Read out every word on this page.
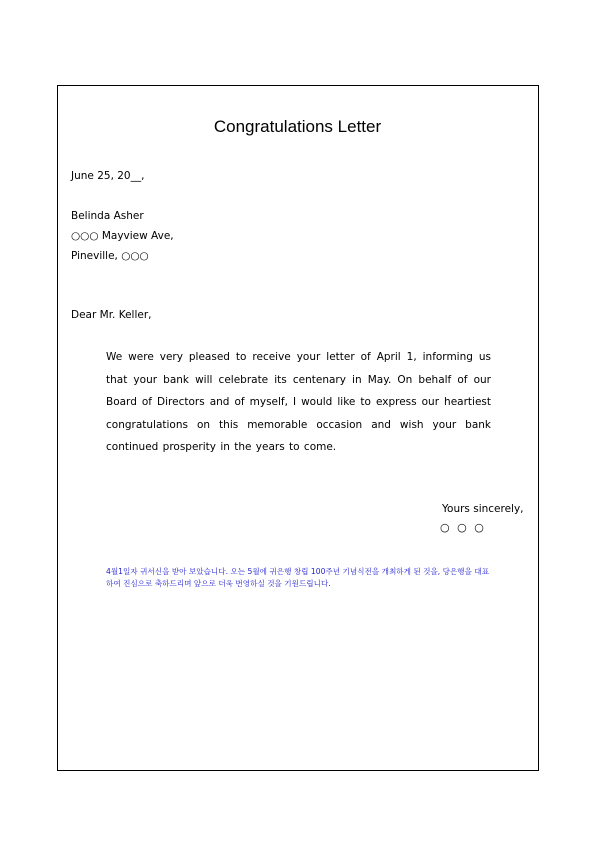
Congratulations Letter
June 25, 20__,
Belinda Asher
○○○ Mayview Ave,
Pineville, ○○○
Dear Mr. Keller,
We were very pleased to receive your letter of April 1, informing us that your bank will celebrate its centenary in May. On behalf of our Board of Directors and of myself, I would like to express our heartiest congratulations on this memorable occasion and wish your bank continued prosperity in the years to come.
Yours sincerely,
○ ○ ○
4월1일자 귀서신을 받아 보았습니다. 오는 5월에 귀은행 창립 100주년 기념식전을 개최하게 된 것을, 당은행을 대표하여 진심으로 축하드리며 앞으로 더욱 번영하실 것을 기원드립니다.
